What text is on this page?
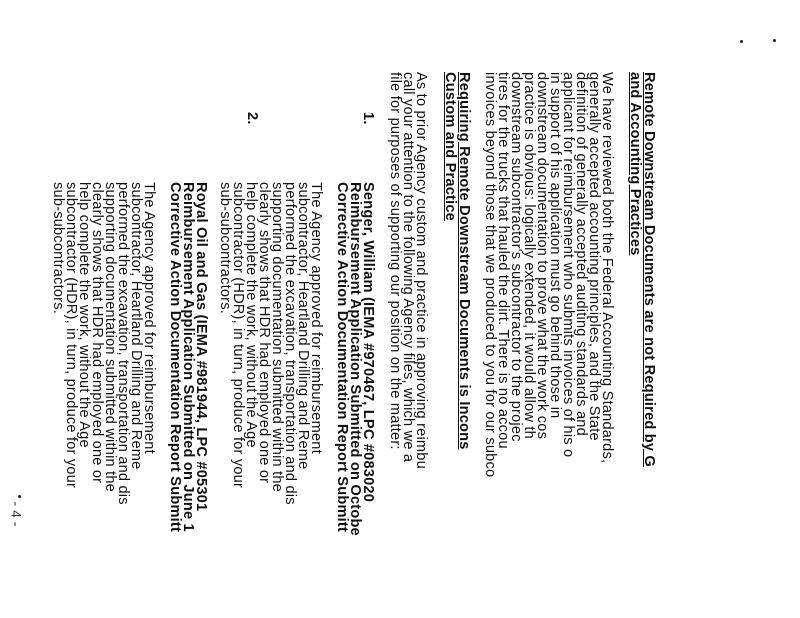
Remote Downstream Documents are not Required by G
and Accounting Practices
We have reviewed both the Federal Accounting Standards,
generally accepted accounting principles, and the State
definition of generally accepted auditing standards and
applicant for reimbursement who submits invoices of his o
in support of his application must go behind those in
downstream documentation to prove what the work cos
practice is obvious: logically extended, it would allow th
downstream subcontractor's subcontractor to the projec
tires for the trucks that hauled the dirt. There is no accou
invoices beyond those that we produced to you for our subco
Requiring Remote Downstream Documents is Incons
Custom and Practice
As to prior Agency custom and practice in approving reimbu
call your attention to the following Agency files, which we a
file for purposes of supporting our position on the matter:
1.
Senger, William (IEMA #970467, LPC #083020
Reimbursement Application Submitted on Octobe
Corrective Action Documentation Report Submitt
The Agency approved for reimbursement
subcontractor, Heartland Drilling and Reme
performed the excavation, transportation and dis
supporting documentation submitted within the
clearly shows that HDR had employed one or
help complete the work, without the Age
subcontractor (HDR), in turn, produce for your
sub-subcontractors.
2.
Royal Oil and Gas (IEMA #981944, LPC #05301
Reimbursement Application Submitted on June 1
Corrective Action Documentation Report Submitt
The Agency approved for reimbursement
subcontractor, Heartland Drilling and Reme
performed the excavation, transportation and dis
supporting documentation submitted within the
clearly shows that HDR had employed one or
help complete the work, without the Age
subcontractor (HDR), in turn, produce for your
sub-subcontractors.
- 4 -
